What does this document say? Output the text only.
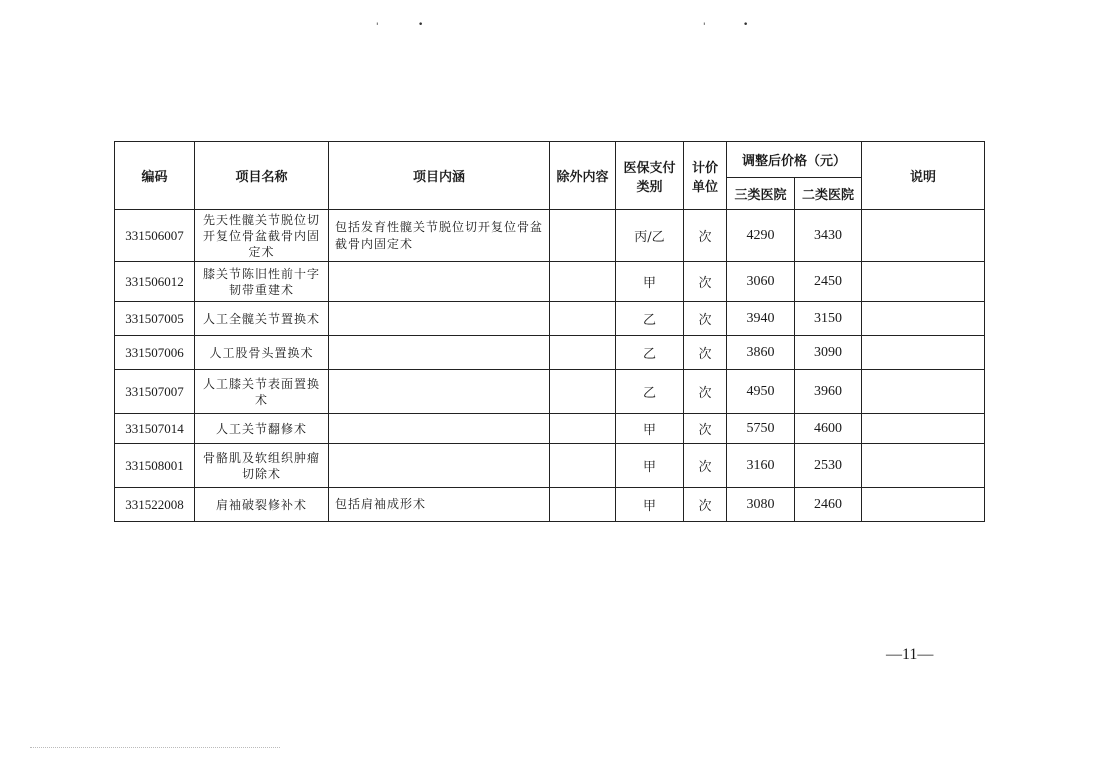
'	•	'	•
编码	项目名称	项目内涵	除外内容	医保支付类别	计价单位	调整后价格（元）		说明
						三类医院	二类医院	
331506007	先天性髋关节脱位切开复位骨盆截骨内固定术	包括发育性髋关节脱位切开复位骨盆截骨内固定术		丙/乙	次	4290	3430	
331506012	膝关节陈旧性前十字韧带重建术			甲	次	3060	2450	
331507005	人工全髋关节置换术			乙	次	3940	3150	
331507006	人工股骨头置换术			乙	次	3860	3090	
331507007	人工膝关节表面置换术			乙	次	4950	3960	
331507014	人工关节翻修术			甲	次	5750	4600	
331508001	骨骼肌及软组织肿瘤切除术			甲	次	3160	2530	
331522008	肩袖破裂修补术	包括肩袖成形术		甲	次	3080	2460	
—11—
